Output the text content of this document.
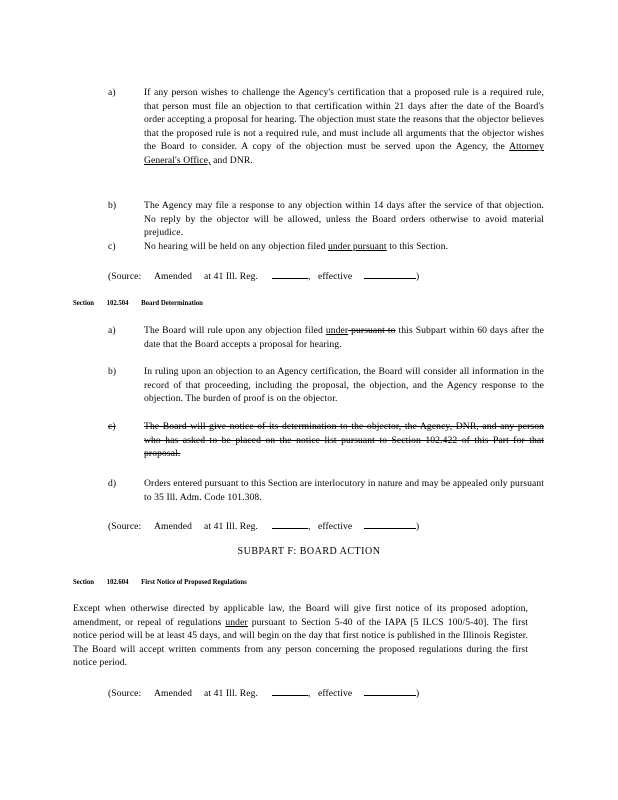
a)	If any person wishes to challenge the Agency's certification that a proposed rule is a required rule, that person must file an objection to that certification within 21 days after the date of the Board's order accepting a proposal for hearing. The objection must state the reasons that the objector believes that the proposed rule is not a required rule, and must include all arguments that the objector wishes the Board to consider. A copy of the objection must be served upon the Agency, the Attorney General's Office, and DNR.
b)	The Agency may file a response to any objection within 14 days after the service of that objection. No reply by the objector will be allowed, unless the Board orders otherwise to avoid material prejudice.
c)	No hearing will be held on any objection filed under pursuant to this Section.
(Source: Amended at 41 Ill. Reg.	, effective	)
Section 102.504 Board Determination
a)	The Board will rule upon any objection filed under pursuant to this Subpart within 60 days after the date that the Board accepts a proposal for hearing.
b)	In ruling upon an objection to an Agency certification, the Board will consider all information in the record of that proceeding, including the proposal, the objection, and the Agency response to the objection. The burden of proof is on the objector.
c)	The Board will give notice of its determination to the objector, the Agency, DNR, and any person who has asked to be placed on the notice list pursuant to Section 102.422 of this Part for that proposal.
d)	Orders entered pursuant to this Section are interlocutory in nature and may be appealed only pursuant to 35 Ill. Adm. Code 101.308.
(Source: Amended at 41 Ill. Reg.	, effective	)
SUBPART F: BOARD ACTION
Section 102.604 First Notice of Proposed Regulations
Except when otherwise directed by applicable law, the Board will give first notice of its proposed adoption, amendment, or repeal of regulations under pursuant to Section 5-40 of the IAPA [5 ILCS 100/5-40]. The first notice period will be at least 45 days, and will begin on the day that first notice is published in the Illinois Register. The Board will accept written comments from any person concerning the proposed regulations during the first notice period.
(Source: Amended at 41 Ill. Reg.	, effective	)
